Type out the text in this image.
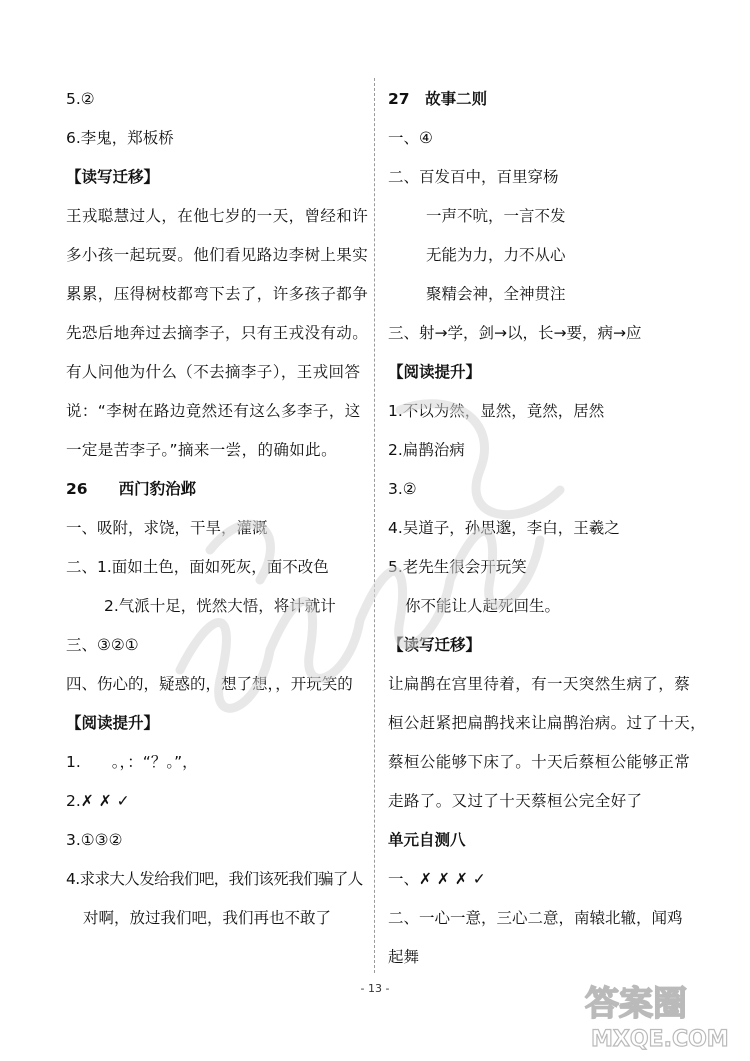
5.②
6.李鬼，郑板桥
【读写迁移】
王戎聪慧过人，在他七岁的一天，曾经和许
多小孩一起玩耍。他们看见路边李树上果实
累累，压得树枝都弯下去了，许多孩子都争
先恐后地奔过去摘李子，只有王戎没有动。
有人问他为什么（不去摘李子），王戎回答
说：“李树在路边竟然还有这么多李子，这
一定是苦李子。”摘来一尝，的确如此。
26　　西门豹治邺
一、吸附，求饶，干旱，灌溉
二、1.面如土色，面如死灰，面不改色
2.气派十足，恍然大悟，将计就计
三、③②①
四、伤心的，疑惑的，想了想，，开玩笑的
【阅读提升】
1.　　。，：“？。”，
2.✗ ✗ ✓
3.①③②
4.求求大人发给我们吧，我们该死我们骗了人
对啊，放过我们吧，我们再也不敢了
27　故事二则
一、④
二、百发百中，百里穿杨
一声不吭，一言不发
无能为力，力不从心
聚精会神，全神贯注
三、射→学，剑→以，长→要，病→应
【阅读提升】
1.不以为然，显然，竟然，居然
2.扁鹊治病
3.②
4.吴道子，孙思邈，李白，王羲之
5.老先生很会开玩笑
你不能让人起死回生。
【读写迁移】
让扁鹊在宫里待着，有一天突然生病了，蔡
桓公赶紧把扁鹊找来让扁鹊治病。过了十天，
蔡桓公能够下床了。十天后蔡桓公能够正常
走路了。又过了十天蔡桓公完全好了
单元自测八
一、✗ ✗ ✗ ✓
二、一心一意，三心二意，南辕北辙，闻鸡
起舞
- 13 -	答案圈
MXQE.COM
